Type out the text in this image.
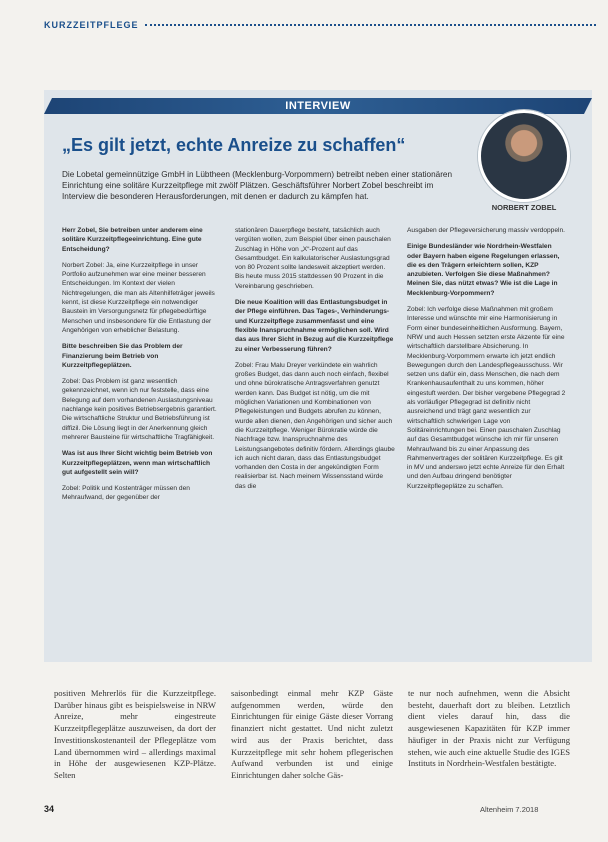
KURZZEITPFLEGE
INTERVIEW
„Es gilt jetzt, echte Anreize zu schaffen“
Die Lobetal gemeinnützige GmbH in Lübtheen (Mecklenburg-Vorpommern) betreibt neben einer stationären Einrichtung eine solitäre Kurzzeitpflege mit zwölf Plätzen. Geschäftsführer Norbert Zobel beschreibt im Interview die besonderen Herausforderungen, mit denen er dadurch zu kämpfen hat.
NORBERT ZOBEL

Herr Zobel, Sie betreiben unter anderem eine solitäre Kurzzeitpflegeeinrichtung. Eine gute Entscheidung?

Norbert Zobel: Ja, eine Kurzzeitpflege in unser Portfolio aufzunehmen war eine meiner besseren Entscheidungen. Im Kontext der vielen Nichtregelungen, die man als Altenhilfeträger jeweils kennt, ist diese Kurzzeitpflege ein notwendiger Baustein im Versorgungsnetz für pflegebedürftige Menschen und insbesondere für die Entlastung der Angehörigen von erheblicher Belastung.

Bitte beschreiben Sie das Problem der Finanzierung beim Betrieb von Kurzzeitpflegeplätzen.

Zobel: Das Problem ist ganz wesentlich gekennzeichnet, wenn ich nur feststelle, dass eine Belegung auf dem vorhandenen Auslastungsniveau nachlange kein positives Betriebsergebnis garantiert. Die wirtschaftliche Struktur und Betriebsführung ist diffizil. Die Lösung liegt in der Anerkennung gleich mehrerer Bausteine für wirtschaftliche Tragfähigkeit.

Was ist aus Ihrer Sicht wichtig beim Betrieb von Kurzzeitpflegeplätzen, wenn man wirtschaftlich gut aufgestellt sein will?

Zobel: Politik und Kostenträger müssen den Mehraufwand, der gegenüber der

stationären Dauerpflege besteht, tatsächlich auch vergüten wollen, zum Beispiel über einen pauschalen Zuschlag in Höhe von „X“-Prozent auf das Gesamtbudget. Ein kalkulatorischer Auslastungsgrad von 80 Prozent sollte landesweit akzeptiert werden. Bis heute muss 2015 stattdessen 90 Prozent in die Vereinbarung geschrieben.

Die neue Koalition will das Entlastungsbudget in der Pflege einführen. Das Tages-, Verhinderungs- und Kurzzeitpflege zusammenfasst und eine flexible Inanspruchnahme ermöglichen soll. Wird das aus Ihrer Sicht in Bezug auf die Kurzzeitpflege zu einer Verbesserung führen?

Zobel: Frau Malu Dreyer verkündete ein wahrlich großes Budget, das dann auch noch einfach, flexibel und ohne bürokratische Antragsverfahren genutzt werden kann. Das Budget ist nötig, um die mit möglichen Variationen und Kombinationen von Pflegeleistungen und Budgets abrufen zu können, wurde allen dienen, den Angehörigen und sicher auch die Kurzzeitpflege. Weniger Bürokratie würde die Nachfrage bzw. Inanspruchnahme des Leistungsangebotes definitiv fördern. Allerdings glaube ich auch nicht daran, dass das Entlastungsbudget vorhanden den Costa in der angekündigten Form realisierbar ist. Nach meinem Wissensstand würde das die

Ausgaben der Pflegeversicherung massiv verdoppeln.

Einige Bundesländer wie Nordrhein-Westfalen oder Bayern haben eigene Regelungen erlassen, die es den Trägern erleichtern sollen, KZP anzubieten. Verfolgen Sie diese Maßnahmen? Meinen Sie, das nützt etwas? Wie ist die Lage in Mecklenburg-Vorpommern?

Zobel: Ich verfolge diese Maßnahmen mit großem Interesse und wünschte mir eine Harmonisierung in Form einer bundeseinheitlichen Ausformung. Bayern, NRW und auch Hessen setzten erste Akzente für eine wirtschaftlich darstellbare Absicherung. In Mecklenburg-Vorpommern erwarte ich jetzt endlich Bewegungen durch den Landespflegeausschuss. Wir setzen uns dafür ein, dass Menschen, die nach dem Krankenhausaufenthalt zu uns kommen, höher eingestuft werden. Der bisher vergebene Pflegegrad 2 als vorläufiger Pflegegrad ist definitiv nicht ausreichend und trägt ganz wesentlich zur wirtschaftlich schwierigen Lage von Solitäreinrichtungen bei. Einen pauschalen Zuschlag auf das Gesamtbudget wünsche ich mir für unseren Mehraufwand bis zu einer Anpassung des Rahmenvertrages der solitären Kurzzeitpflege. Es gilt in MV und anderswo jetzt echte Anreize für den Erhalt und den Aufbau dringend benötigter Kurzzeitpflegeplätze zu schaffen.

positiven Mehrerlös für die Kurzzeitpflege. Darüber hinaus gibt es beispielsweise in NRW Anreize, mehr eingestreute Kurzzeitpflegeplätze auszuweisen, da dort der Investitionskostenanteil der Pflegeplätze vom Land übernommen wird – allerdings maximal in Höhe der ausgewiesenen KZP-Plätze. Selten

saisonbedingt einmal mehr KZP Gäste aufgenommen werden, würde den Einrichtungen für einige Gäste dieser Vorrang finanziert nicht gestattet. Und nicht zuletzt wird aus der Praxis berichtet, dass Kurzzeitpflege mit sehr hohem pflegerischen Aufwand verbunden ist und einige Einrichtungen daher solche Gäs-

te nur noch aufnehmen, wenn die Absicht besteht, dauerhaft dort zu bleiben. Letztlich dient vieles darauf hin, dass die ausgewiesenen Kapazitäten für KZP immer häufiger in der Praxis nicht zur Verfügung stehen, wie auch eine aktuelle Studie des IGES Instituts in Nordrhein-Westfalen bestätigte.

34	Altenheim 7.2018
